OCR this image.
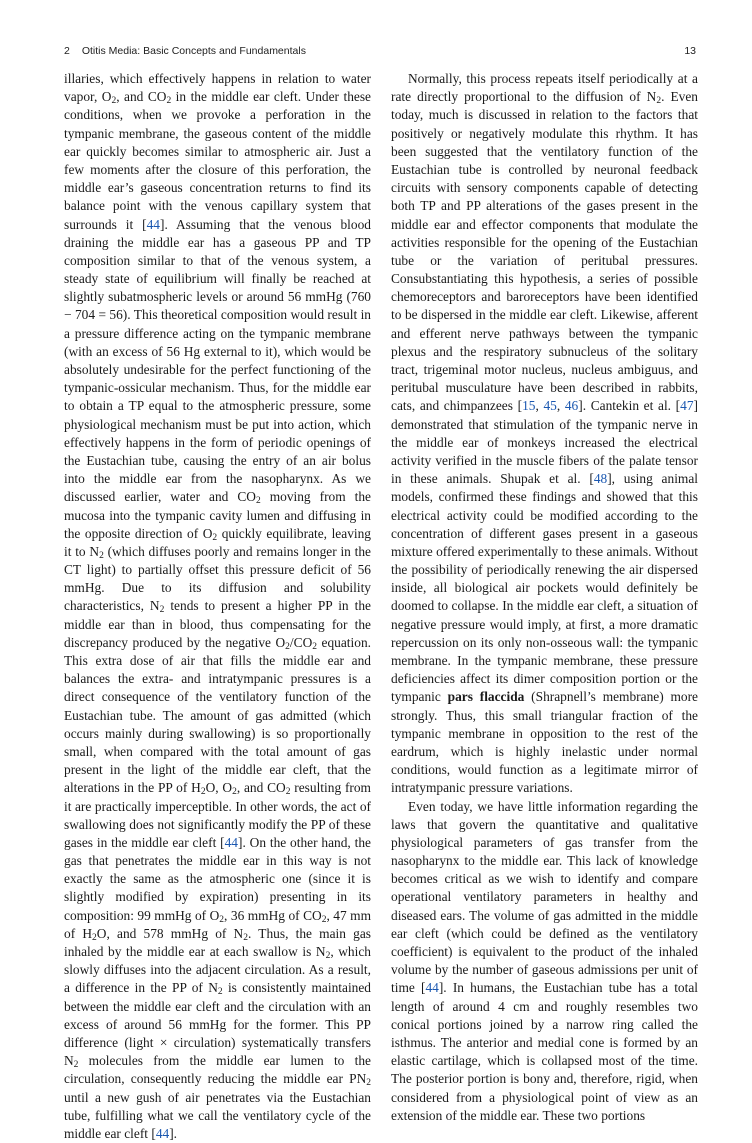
2 Otitis Media: Basic Concepts and Fundamentals	13

illaries, which effectively happens in relation to water vapor, $O_2$, and $CO_2$ in the middle ear cleft. Under these conditions, when we provoke a perforation in the tympanic membrane, the gaseous content of the middle ear quickly becomes similar to atmospheric air. Just a few moments after the closure of this perforation, the middle ear’s gaseous concentration returns to find its balance point with the venous capillary system that surrounds it [44]. Assuming that the venous blood draining the middle ear has a gaseous PP and TP composition similar to that of the venous system, a steady state of equilibrium will finally be reached at slightly subatmospheric levels or around 56 mmHg (760 − 704 = 56). This theoretical composition would result in a pressure difference acting on the tympanic membrane (with an excess of 56 Hg external to it), which would be absolutely undesirable for the perfect functioning of the tympanic-ossicular mechanism. Thus, for the middle ear to obtain a TP equal to the atmospheric pressure, some physiological mechanism must be put into action, which effectively happens in the form of periodic openings of the Eustachian tube, causing the entry of an air bolus into the middle ear from the nasopharynx. As we discussed earlier, water and $CO_2$ moving from the mucosa into the tympanic cavity lumen and diffusing in the opposite direction of $O_2$ quickly equilibrate, leaving it to $N_2$ (which diffuses poorly and remains longer in the CT light) to partially offset this pressure deficit of 56 mmHg. Due to its diffusion and solubility characteristics, $N_2$ tends to present a higher PP in the middle ear than in blood, thus compensating for the discrepancy produced by the negative $O_2/CO_2$ equation. This extra dose of air that fills the middle ear and balances the extra- and intratympanic pressures is a direct consequence of the ventilatory function of the Eustachian tube. The amount of gas admitted (which occurs mainly during swallowing) is so proportionally small, when compared with the total amount of gas present in the light of the middle ear cleft, that the alterations in the PP of $H_2O$, $O_2$, and $CO_2$ resulting from it are practically imperceptible. In other words, the act of swallowing does not significantly modify the PP of these gases in the middle ear cleft [44]. On the other hand, the gas that penetrates the middle ear in this way is not exactly the same as the atmospheric one (since it is slightly modified by expiration) presenting in its composition: 99 mmHg of $O_2$, 36 mmHg of $CO_2$, 47 mm of $H_2O$, and 578 mmHg of $N_2$. Thus, the main gas inhaled by the middle ear at each swallow is $N_2$, which slowly diffuses into the adjacent circulation. As a result, a difference in the PP of $N_2$ is consistently maintained between the middle ear cleft and the circulation with an excess of around 56 mmHg for the former. This PP difference (light × circulation) systematically transfers $N_2$ molecules from the middle ear lumen to the circulation, consequently reducing the middle ear $PN_2$ until a new gush of air penetrates via the Eustachian tube, fulfilling what we call the ventilatory cycle of the middle ear cleft [44].

Normally, this process repeats itself periodically at a rate directly proportional to the diffusion of $N_2$. Even today, much is discussed in relation to the factors that positively or negatively modulate this rhythm. It has been suggested that the ventilatory function of the Eustachian tube is controlled by neuronal feedback circuits with sensory components capable of detecting both TP and PP alterations of the gases present in the middle ear and effector components that modulate the activities responsible for the opening of the Eustachian tube or the variation of peritubal pressures. Consubstantiating this hypothesis, a series of possible chemoreceptors and baroreceptors have been identified to be dispersed in the middle ear cleft. Likewise, afferent and efferent nerve pathways between the tympanic plexus and the respiratory subnucleus of the solitary tract, trigeminal motor nucleus, nucleus ambiguus, and peritubal musculature have been described in rabbits, cats, and chimpanzees [15, 45, 46]. Cantekin et al. [47] demonstrated that stimulation of the tympanic nerve in the middle ear of monkeys increased the electrical activity verified in the muscle fibers of the palate tensor in these animals. Shupak et al. [48], using animal models, confirmed these findings and showed that this electrical activity could be modified according to the concentration of different gases present in a gaseous mixture offered experimentally to these animals. Without the possibility of periodically renewing the air dispersed inside, all biological air pockets would definitely be doomed to collapse. In the middle ear cleft, a situation of negative pressure would imply, at first, a more dramatic repercussion on its only non-osseous wall: the tympanic membrane. In the tympanic membrane, these pressure deficiencies affect its dimer composition portion or the tympanic pars flaccida (Shrapnell’s membrane) more strongly. Thus, this small triangular fraction of the tympanic membrane in opposition to the rest of the eardrum, which is highly inelastic under normal conditions, would function as a legitimate mirror of intratympanic pressure variations.

Even today, we have little information regarding the laws that govern the quantitative and qualitative physiological parameters of gas transfer from the nasopharynx to the middle ear. This lack of knowledge becomes critical as we wish to identify and compare operational ventilatory parameters in healthy and diseased ears. The volume of gas admitted in the middle ear cleft (which could be defined as the ventilatory coefficient) is equivalent to the product of the inhaled volume by the number of gaseous admissions per unit of time [44]. In humans, the Eustachian tube has a total length of around 4 cm and roughly resembles two conical portions joined by a narrow ring called the isthmus. The anterior and medial cone is formed by an elastic cartilage, which is collapsed most of the time. The posterior portion is bony and, therefore, rigid, when considered from a physiological point of view as an extension of the middle ear. These two portions
